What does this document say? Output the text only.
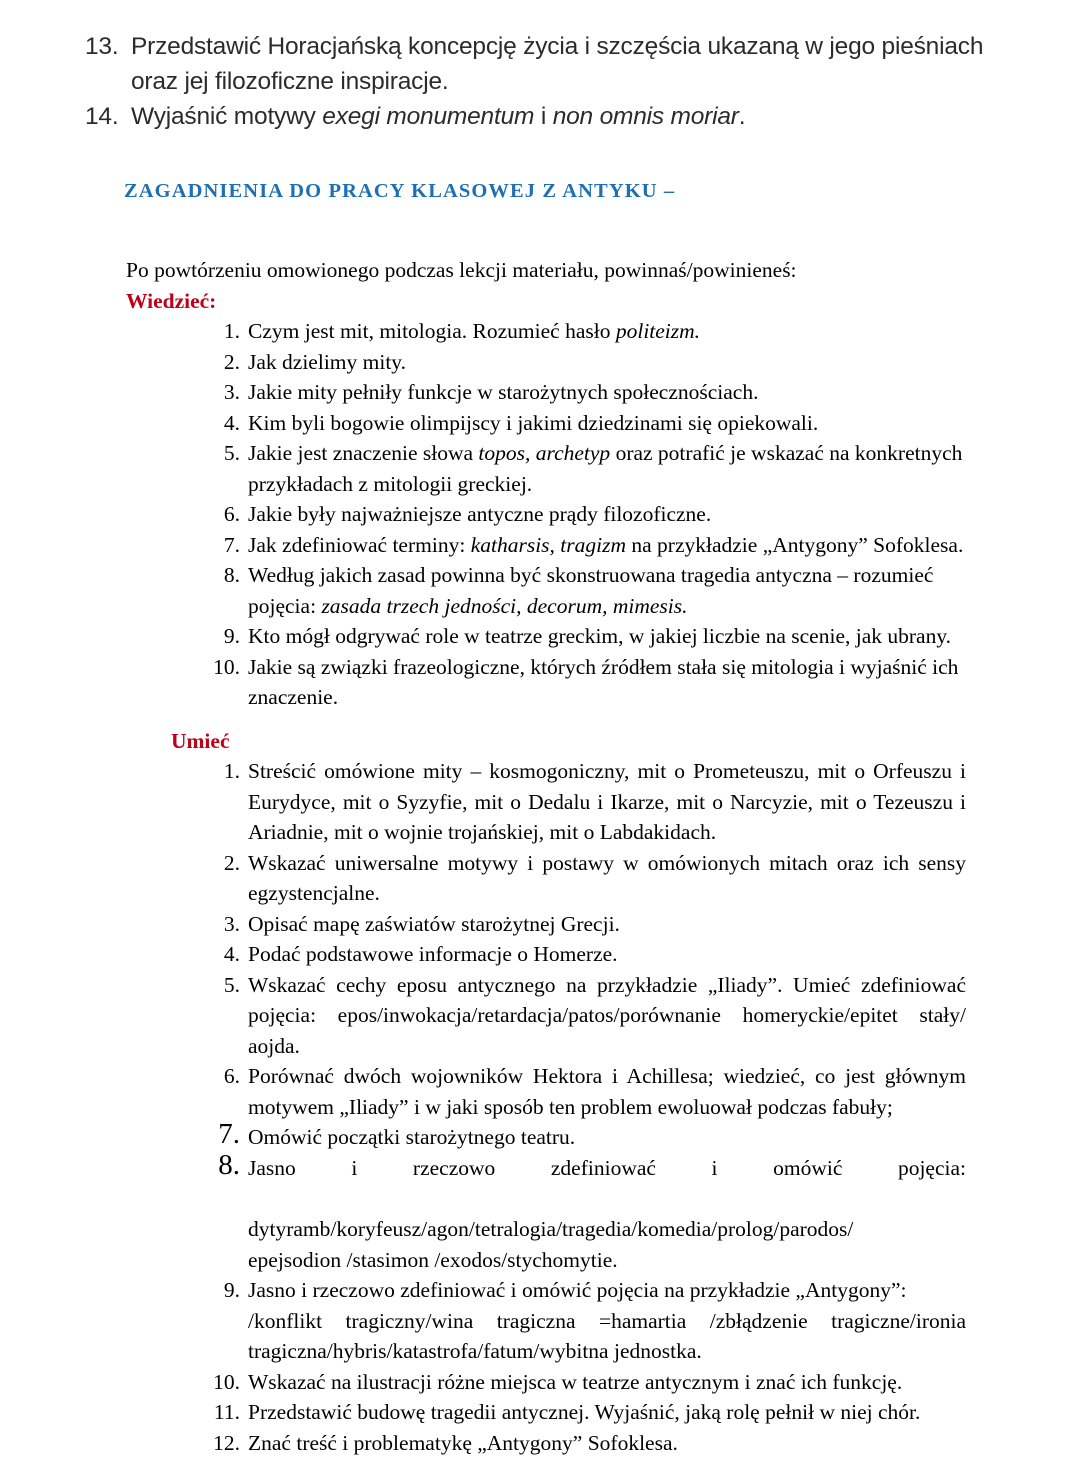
13. Przedstawić Horacjańską koncepcję życia i szczęścia ukazaną w jego pieśniach
oraz jej filozoficzne inspiracje.
14. Wyjaśnić motywy exegi monumentum i non omnis moriar.
ZAGADNIENIA DO PRACY KLASOWEJ Z ANTYKU –

Po powtórzeniu omowionego podczas lekcji materiału, powinnaś/powinieneś:

Wiedzieć:

1. Czym jest mit, mitologia. Rozumieć hasło politeizm.
2. Jak dzielimy mity.
3. Jakie mity pełniły funkcje w starożytnych społecznościach.
4. Kim byli bogowie olimpijscy i jakimi dziedzinami się opiekowali.
5. Jakie jest znaczenie słowa topos, archetyp oraz potrafić je wskazać na konkretnych przykładach z mitologii greckiej.
6. Jakie były najważniejsze antyczne prądy filozoficzne.
7. Jak zdefiniować terminy: katharsis, tragizm na przykładzie „Antygony” Sofoklesa.
8. Według jakich zasad powinna być skonstruowana tragedia antyczna – rozumieć pojęcia: zasada trzech jedności, decorum, mimesis.
9. Kto mógł odgrywać role w teatrze greckim, w jakiej liczbie na scenie, jak ubrany.
10. Jakie są związki frazeologiczne, których źródłem stała się mitologia i wyjaśnić ich znaczenie.

Umieć

1. Streścić omówione mity – kosmogoniczny, mit o Prometeuszu, mit o Orfeuszu i Eurydyce, mit o Syzyfie, mit o Dedalu i Ikarze, mit o Narcyzie, mit o Tezeuszu i Ariadnie, mit o wojnie trojańskiej, mit o Labdakidach.
2. Wskazać uniwersalne motywy i postawy w omówionych mitach oraz ich sensy egzystencjalne.
3. Opisać mapę zaświatów starożytnej Grecji.
4. Podać podstawowe informacje o Homerze.
5. Wskazać cechy eposu antycznego na przykładzie „Iliady”. Umieć zdefiniować pojęcia: epos/inwokacja/retardacja/patos/porównanie homeryckie/epitet stały/ aojda.
6. Porównać dwóch wojowników Hektora i Achillesa; wiedzieć, co jest głównym motywem „Iliady” i w jaki sposób ten problem ewoluował podczas fabuły;
7. Omówić początki starożytnego teatru.
8. Jasno i rzeczowo zdefiniować i omówić pojęcia:
dytyramb/koryfeusz/agon/tetralogia/tragedia/komedia/prolog/parodos/
epejsodion /stasimon /exodos/stychomytie.
9. Jasno i rzeczowo zdefiniować i omówić pojęcia na przykładzie „Antygony”:

/konflikt tragiczny/wina tragiczna =hamartia /zbłądzenie tragiczne/ironia
tragiczna/hybris/katastrofa/fatum/wybitna jednostka.
10. Wskazać na ilustracji różne miejsca w teatrze antycznym i znać ich funkcję.
11. Przedstawić budowę tragedii antycznej. Wyjaśnić, jaką rolę pełnił w niej chór.
12. Znać treść i problematykę „Antygony” Sofoklesa.
